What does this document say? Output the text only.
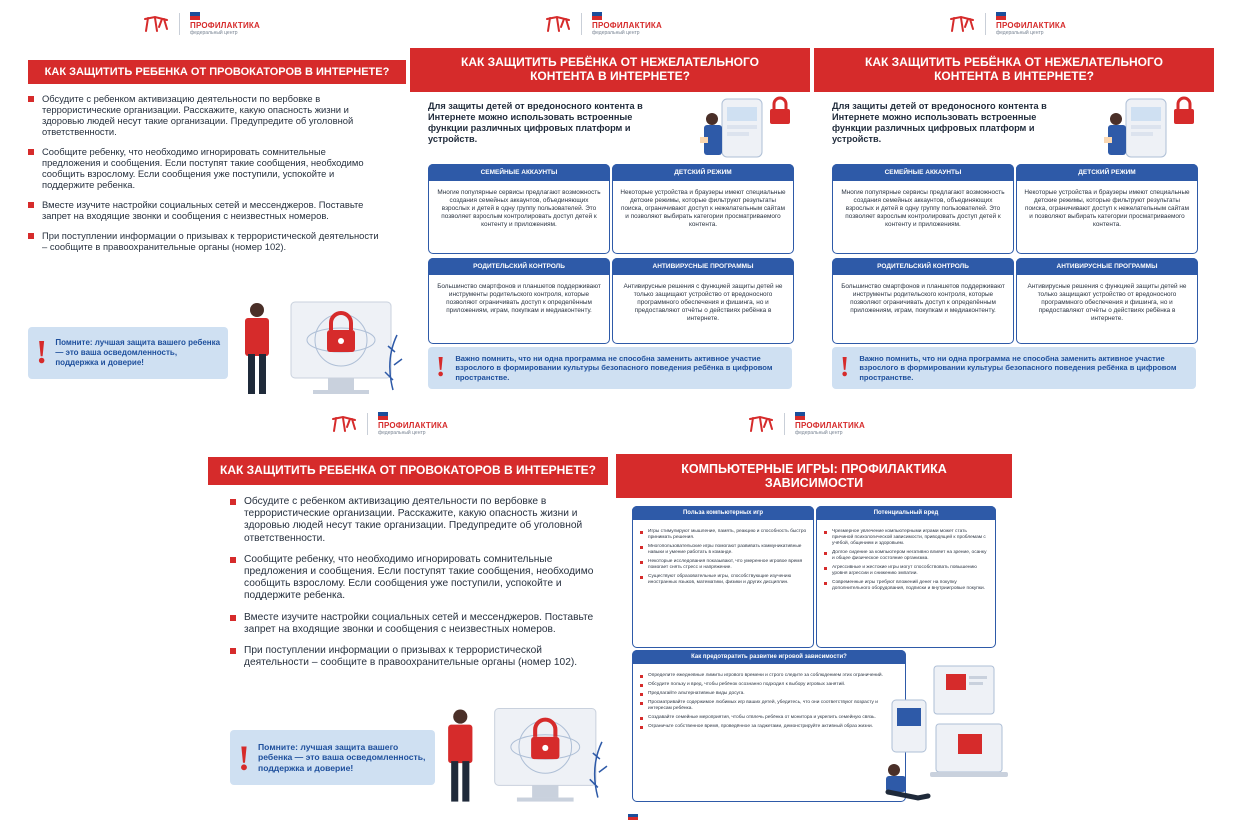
ПРОФИЛАКТИКА
федеральный центр
КАК ЗАЩИТИТЬ РЕБЕНКА ОТ ПРОВОКАТОРОВ В ИНТЕРНЕТЕ?
Обсудите с ребенком активизацию деятельности по вербовке в террористические организации. Расскажите, какую опасность жизни и здоровью людей несут такие организации. Предупредите об уголовной ответственности.
Сообщите ребенку, что необходимо игнорировать сомнительные предложения и сообщения. Если поступят такие сообщения, необходимо сообщить взрослому. Если сообщения уже поступили, успокойте и поддержите ребенка.
Вместе изучите настройки социальных сетей и мессенджеров. Поставьте запрет на входящие звонки и сообщения с неизвестных номеров.
При поступлении информации о призывах к террористической деятельности – сообщите в правоохранительные органы (номер 102).
! Помните: лучшая защита вашего ребенка — это ваша осведомленность, поддержка и доверие!
ПРОФИЛАКТИКА
федеральный центр
КАК ЗАЩИТИТЬ РЕБЁНКА ОТ НЕЖЕЛАТЕЛЬНОГО КОНТЕНТА В ИНТЕРНЕТЕ?
Для защиты детей от вредоносного контента в Интернете можно использовать встроенные функции различных цифровых платформ и устройств.
СЕМЕЙНЫЕ АККАУНТЫ
Многие популярные сервисы предлагают возможность создания семейных аккаунтов, объединяющих взрослых и детей в одну группу пользователей. Это позволяет взрослым контролировать доступ детей к контенту и приложениям.
ДЕТСКИЙ РЕЖИМ
Некоторые устройства и браузеры имеют специальные детские режимы, которые фильтруют результаты поиска, ограничивают доступ к нежелательным сайтам и позволяют выбирать категории просматриваемого контента.
РОДИТЕЛЬСКИЙ КОНТРОЛЬ
Большинство смартфонов и планшетов поддерживают инструменты родительского контроля, которые позволяют ограничивать доступ к определённым приложениям, играм, покупкам и медиаконтенту.
АНТИВИРУСНЫЕ ПРОГРАММЫ
Антивирусные решения с функцией защиты детей не только защищают устройство от вредоносного программного обеспечения и фишинга, но и предоставляют отчёты о действиях ребёнка в интернете.
! Важно помнить, что ни одна программа не способна заменить активное участие взрослого в формировании культуры безопасного поведения ребёнка в цифровом пространстве.
ПРОФИЛАКТИКА
федеральный центр
КАК ЗАЩИТИТЬ РЕБЁНКА ОТ НЕЖЕЛАТЕЛЬНОГО КОНТЕНТА В ИНТЕРНЕТЕ?
Для защиты детей от вредоносного контента в Интернете можно использовать встроенные функции различных цифровых платформ и устройств.
СЕМЕЙНЫЕ АККАУНТЫ
Многие популярные сервисы предлагают возможность создания семейных аккаунтов, объединяющих взрослых и детей в одну группу пользователей. Это позволяет взрослым контролировать доступ детей к контенту и приложениям.
ДЕТСКИЙ РЕЖИМ
Некоторые устройства и браузеры имеют специальные детские режимы, которые фильтруют результаты поиска, ограничивают доступ к нежелательным сайтам и позволяют выбирать категории просматриваемого контента.
РОДИТЕЛЬСКИЙ КОНТРОЛЬ
Большинство смартфонов и планшетов поддерживают инструменты родительского контроля, которые позволяют ограничивать доступ к определённым приложениям, играм, покупкам и медиаконтенту.
АНТИВИРУСНЫЕ ПРОГРАММЫ
Антивирусные решения с функцией защиты детей не только защищают устройство от вредоносного программного обеспечения и фишинга, но и предоставляют отчёты о действиях ребёнка в интернете.
! Важно помнить, что ни одна программа не способна заменить активное участие взрослого в формировании культуры безопасного поведения ребёнка в цифровом пространстве.
ПРОФИЛАКТИКА
федеральный центр
КАК ЗАЩИТИТЬ РЕБЕНКА ОТ ПРОВОКАТОРОВ В ИНТЕРНЕТЕ?
Обсудите с ребенком активизацию деятельности по вербовке в террористические организации. Расскажите, какую опасность жизни и здоровью людей несут такие организации. Предупредите об уголовной ответственности.
Сообщите ребенку, что необходимо игнорировать сомнительные предложения и сообщения. Если поступят такие сообщения, необходимо сообщить взрослому. Если сообщения уже поступили, успокойте и поддержите ребенка.
Вместе изучите настройки социальных сетей и мессенджеров. Поставьте запрет на входящие звонки и сообщения с неизвестных номеров.
При поступлении информации о призывах к террористической деятельности – сообщите в правоохранительные органы (номер 102).
! Помните: лучшая защита вашего ребенка — это ваша осведомленность, поддержка и доверие!
ПРОФИЛАКТИКА
федеральный центр
КОМПЬЮТЕРНЫЕ ИГРЫ: ПРОФИЛАКТИКА ЗАВИСИМОСТИ
Польза компьютерных игр
Игры стимулируют мышление, память, реакцию и способность быстро принимать решения.
Многопользовательские игры помогают развивать коммуникативные навыки и умение работать в команде.
Некоторые исследования показывают, что умеренное игровое время помогает снять стресс и напряжение.
Существуют образовательные игры, способствующие изучению иностранных языков, математики, физики и других дисциплин.
Потенциальный вред
Чрезмерное увлечение компьютерными играми может стать причиной психологической зависимости, приводящей к проблемам с учёбой, общением и здоровьем.
Долгое сидение за компьютером негативно влияет на зрение, осанку и общее физическое состояние организма.
Агрессивные и жестокие игры могут способствовать повышению уровня агрессии и снижению эмпатии.
Современные игры требуют вложений денег на покупку дополнительного оборудования, подписки и внутриигровые покупки.
Как предотвратить развитие игровой зависимости?
Определите ежедневные лимиты игрового времени и строго следите за соблюдением этих ограничений.
Обсудите пользу и вред, чтобы ребёнок осознанно подходил к выбору игровых занятий.
Предлагайте альтернативные виды досуга.
Просматривайте содержимое любимых игр ваших детей, убедитесь, что они соответствуют возрасту и интересам ребёнка.
Создавайте семейные мероприятия, чтобы отвлечь ребёнка от монитора и укрепить семейную связь.
Ограничьте собственное время, проведённое за гаджетами, демонстрируйте активный образ жизни.
